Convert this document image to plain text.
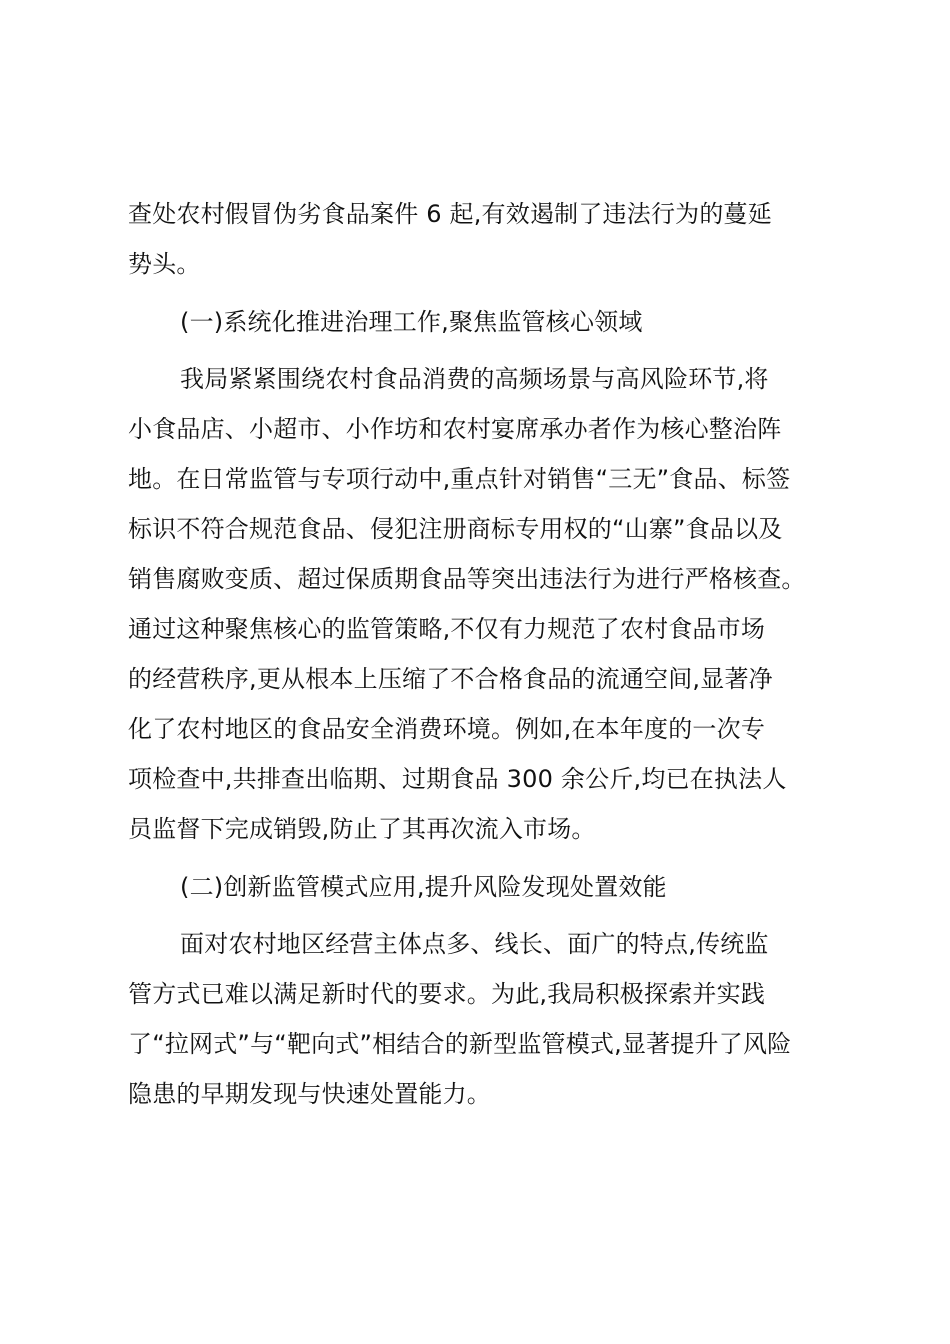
查处农村假冒伪劣食品案件 6 起,有效遏制了违法行为的蔓延
势头。
(一)系统化推进治理工作,聚焦监管核心领域
我局紧紧围绕农村食品消费的高频场景与高风险环节,将
小食品店、小超市、小作坊和农村宴席承办者作为核心整治阵
地。在日常监管与专项行动中,重点针对销售“三无”食品、标签
标识不符合规范食品、侵犯注册商标专用权的“山寨”食品以及
销售腐败变质、超过保质期食品等突出违法行为进行严格核查。
通过这种聚焦核心的监管策略,不仅有力规范了农村食品市场
的经营秩序,更从根本上压缩了不合格食品的流通空间,显著净
化了农村地区的食品安全消费环境。例如,在本年度的一次专
项检查中,共排查出临期、过期食品 300 余公斤,均已在执法人
员监督下完成销毁,防止了其再次流入市场。
(二)创新监管模式应用,提升风险发现处置效能
面对农村地区经营主体点多、线长、面广的特点,传统监
管方式已难以满足新时代的要求。为此,我局积极探索并实践
了“拉网式”与“靶向式”相结合的新型监管模式,显著提升了风险
隐患的早期发现与快速处置能力。
